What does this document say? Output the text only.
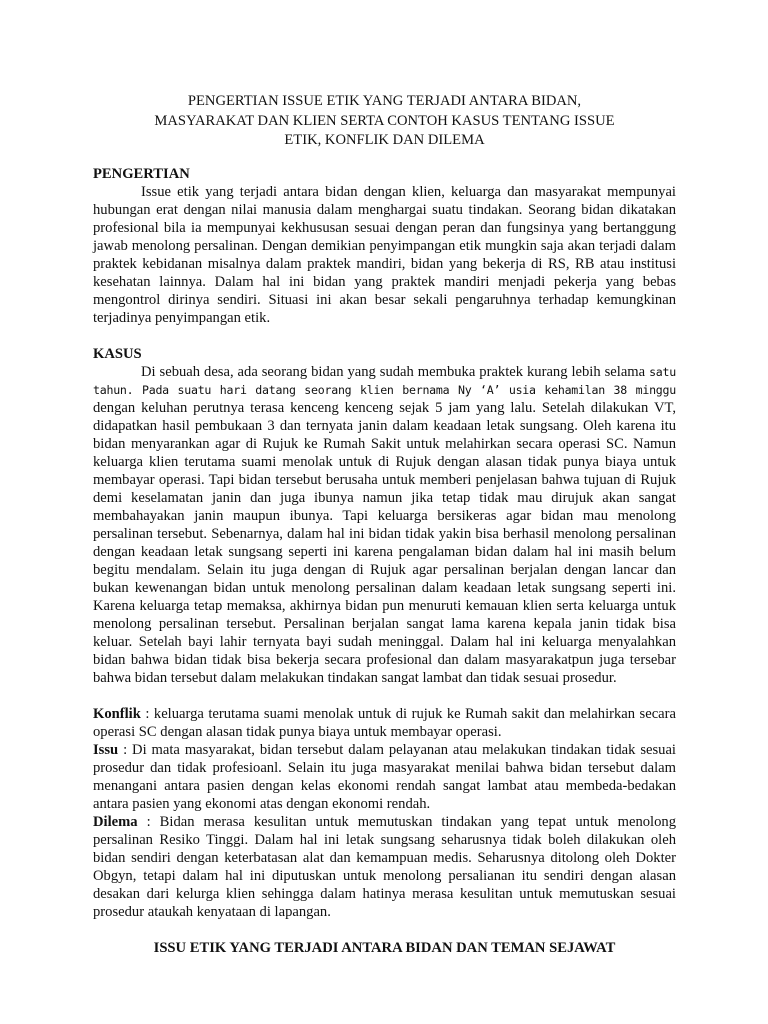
PENGERTIAN ISSUE ETIK YANG TERJADI ANTARA BIDAN,
MASYARAKAT DAN KLIEN SERTA CONTOH KASUS TENTANG ISSUE
ETIK, KONFLIK DAN DILEMA
PENGERTIAN

Issue etik yang terjadi antara bidan dengan klien, keluarga dan masyarakat mempunyai hubungan erat dengan nilai manusia dalam menghargai suatu tindakan. Seorang bidan dikatakan profesional bila ia mempunyai kekhususan sesuai dengan peran dan fungsinya yang bertanggung jawab menolong persalinan. Dengan demikian penyimpangan etik mungkin saja akan terjadi dalam praktek kebidanan misalnya dalam praktek mandiri, bidan yang bekerja di RS, RB atau institusi kesehatan lainnya. Dalam hal ini bidan yang praktek mandiri menjadi pekerja yang bebas mengontrol dirinya sendiri. Situasi ini akan besar sekali pengaruhnya terhadap kemungkinan terjadinya penyimpangan etik.

KASUS

Di sebuah desa, ada seorang bidan yang sudah membuka praktek kurang lebih selama satu tahun. Pada suatu hari datang seorang klien bernama Ny ‘A’ usia kehamilan 38 minggu dengan keluhan perutnya terasa kenceng kenceng sejak 5 jam yang lalu. Setelah dilakukan VT, didapatkan hasil pembukaan 3 dan ternyata janin dalam keadaan letak sungsang. Oleh karena itu bidan menyarankan agar di Rujuk ke Rumah Sakit untuk melahirkan secara operasi SC. Namun keluarga klien terutama suami menolak untuk di Rujuk dengan alasan tidak punya biaya untuk membayar operasi. Tapi bidan tersebut berusaha untuk memberi penjelasan bahwa tujuan di Rujuk demi keselamatan janin dan juga ibunya namun jika tetap tidak mau dirujuk akan sangat membahayakan janin maupun ibunya. Tapi keluarga bersikeras agar bidan mau menolong persalinan tersebut. Sebenarnya, dalam hal ini bidan tidak yakin bisa berhasil menolong persalinan dengan keadaan letak sungsang seperti ini karena pengalaman bidan dalam hal ini masih belum begitu mendalam. Selain itu juga dengan di Rujuk agar persalinan berjalan dengan lancar dan bukan kewenangan bidan untuk menolong persalinan dalam keadaan letak sungsang seperti ini. Karena keluarga tetap memaksa, akhirnya bidan pun menuruti kemauan klien serta keluarga untuk menolong persalinan tersebut. Persalinan berjalan sangat lama karena kepala janin tidak bisa keluar. Setelah bayi lahir ternyata bayi sudah meninggal. Dalam hal ini keluarga menyalahkan bidan bahwa bidan tidak bisa bekerja secara profesional dan dalam masyarakatpun juga tersebar bahwa bidan tersebut dalam melakukan tindakan sangat lambat dan tidak sesuai prosedur.

Konflik : keluarga terutama suami menolak untuk di rujuk ke Rumah sakit dan melahirkan secara operasi SC dengan alasan tidak punya biaya untuk membayar operasi.

Issu : Di mata masyarakat, bidan tersebut dalam pelayanan atau melakukan tindakan tidak sesuai prosedur dan tidak profesioanl. Selain itu juga masyarakat menilai bahwa bidan tersebut dalam menangani antara pasien dengan kelas ekonomi rendah sangat lambat atau membeda-bedakan antara pasien yang ekonomi atas dengan ekonomi rendah.

Dilema : Bidan merasa kesulitan untuk memutuskan tindakan yang tepat untuk menolong persalinan Resiko Tinggi. Dalam hal ini letak sungsang seharusnya tidak boleh dilakukan oleh bidan sendiri dengan keterbatasan alat dan kemampuan medis. Seharusnya ditolong oleh Dokter Obgyn, tetapi dalam hal ini diputuskan untuk menolong persalianan itu sendiri dengan alasan desakan dari kelurga klien sehingga dalam hatinya merasa kesulitan untuk memutuskan sesuai prosedur ataukah kenyataan di lapangan.

ISSU ETIK YANG TERJADI ANTARA BIDAN DAN TEMAN SEJAWAT
